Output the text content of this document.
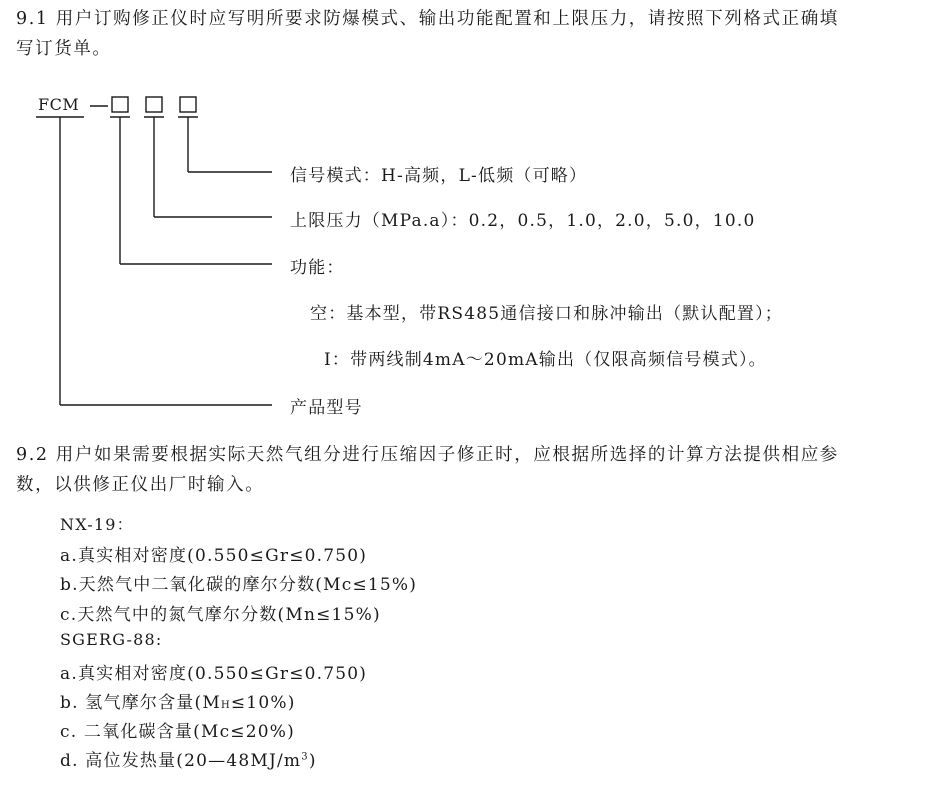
9.1 用户订购修正仪时应写明所要求防爆模式、输出功能配置和上限压力，请按照下列格式正确填
写订货单。
FCM
信号模式：H-高频，L-低频（可略）
上限压力（MPa.a）：0.2，0.5，1.0，2.0，5.0，10.0
功能：
空：基本型，带RS485通信接口和脉冲输出（默认配置）；
I：带两线制4mA～20mA输出（仅限高频信号模式）。
产品型号
9.2 用户如果需要根据实际天然气组分进行压缩因子修正时，应根据所选择的计算方法提供相应参
数，以供修正仪出厂时输入。
NX-19：
a.真实相对密度(0.550≤Gr≤0.750)
b.天然气中二氧化碳的摩尔分数(Mc≤15%)
c.天然气中的氮气摩尔分数(Mn≤15%)
SGERG-88:
a.真实相对密度(0.550≤Gr≤0.750)
b. 氢气摩尔含量(MH≤10%)
c. 二氧化碳含量(Mc≤20%)
d. 高位发热量$(20—48MJ/m^3)$
